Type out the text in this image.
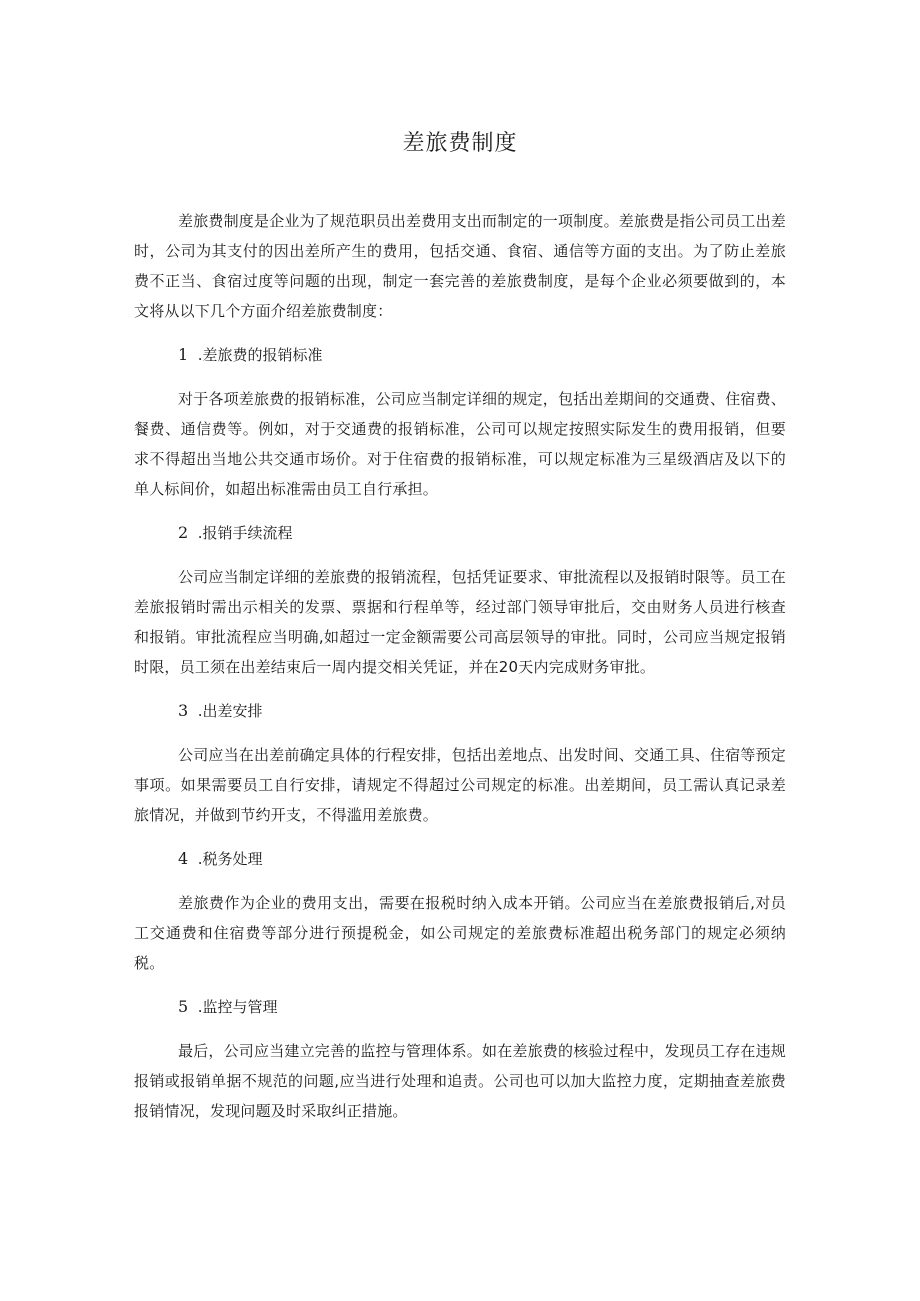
差旅费制度

差旅费制度是企业为了规范职员出差费用支出而制定的一项制度。差旅费是指公司员工出差时，公司为其支付的因出差所产生的费用，包括交通、食宿、通信等方面的支出。为了防止差旅费不正当、食宿过度等问题的出现，制定一套完善的差旅费制度，是每个企业必须要做到的，本文将从以下几个方面介绍差旅费制度：

1 .差旅费的报销标准

对于各项差旅费的报销标准，公司应当制定详细的规定，包括出差期间的交通费、住宿费、餐费、通信费等。例如，对于交通费的报销标准，公司可以规定按照实际发生的费用报销，但要求不得超出当地公共交通市场价。对于住宿费的报销标准，可以规定标准为三星级酒店及以下的单人标间价，如超出标准需由员工自行承担。

2 .报销手续流程

公司应当制定详细的差旅费的报销流程，包括凭证要求、审批流程以及报销时限等。员工在差旅报销时需出示相关的发票、票据和行程单等，经过部门领导审批后，交由财务人员进行核查和报销。审批流程应当明确,如超过一定金额需要公司高层领导的审批。同时，公司应当规定报销时限，员工须在出差结束后一周内提交相关凭证，并在20天内完成财务审批。

3 .出差安排

公司应当在出差前确定具体的行程安排，包括出差地点、出发时间、交通工具、住宿等预定事项。如果需要员工自行安排，请规定不得超过公司规定的标准。出差期间，员工需认真记录差旅情况，并做到节约开支，不得滥用差旅费。

4 .税务处理

差旅费作为企业的费用支出，需要在报税时纳入成本开销。公司应当在差旅费报销后,对员工交通费和住宿费等部分进行预提税金，如公司规定的差旅费标准超出税务部门的规定必须纳税。

5 .监控与管理

最后，公司应当建立完善的监控与管理体系。如在差旅费的核验过程中，发现员工存在违规报销或报销单据不规范的问题,应当进行处理和追责。公司也可以加大监控力度，定期抽查差旅费报销情况，发现问题及时采取纠正措施。
